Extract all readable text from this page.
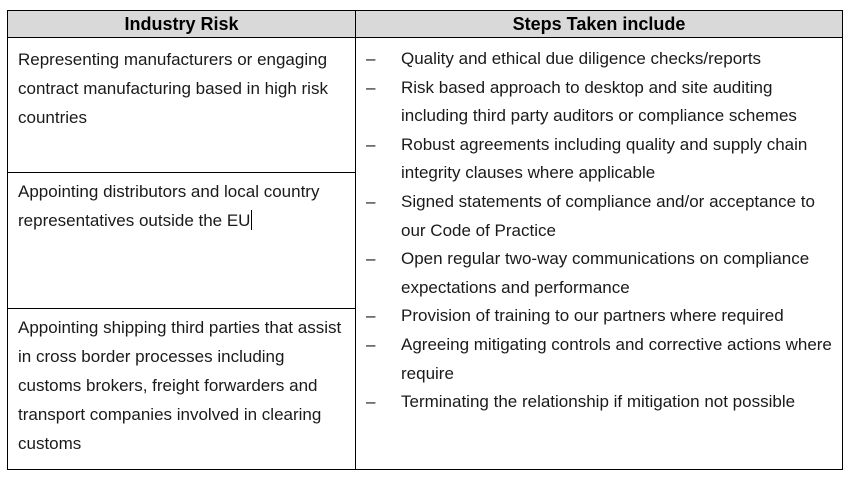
Industry Risk	Steps Taken include
Representing manufacturers or engaging contract manufacturing based in high risk countries
Appointing distributors and local country representatives outside the EU
Appointing shipping third parties that assist in cross border processes including customs brokers, freight forwarders and transport companies involved in clearing customs
– Quality and ethical due diligence checks/reports
– Risk based approach to desktop and site auditing including third party auditors or compliance schemes
– Robust agreements including quality and supply chain integrity clauses where applicable
– Signed statements of compliance and/or acceptance to our Code of Practice
– Open regular two-way communications on compliance expectations and performance
– Provision of training to our partners where required
– Agreeing mitigating controls and corrective actions where require
– Terminating the relationship if mitigation not possible
